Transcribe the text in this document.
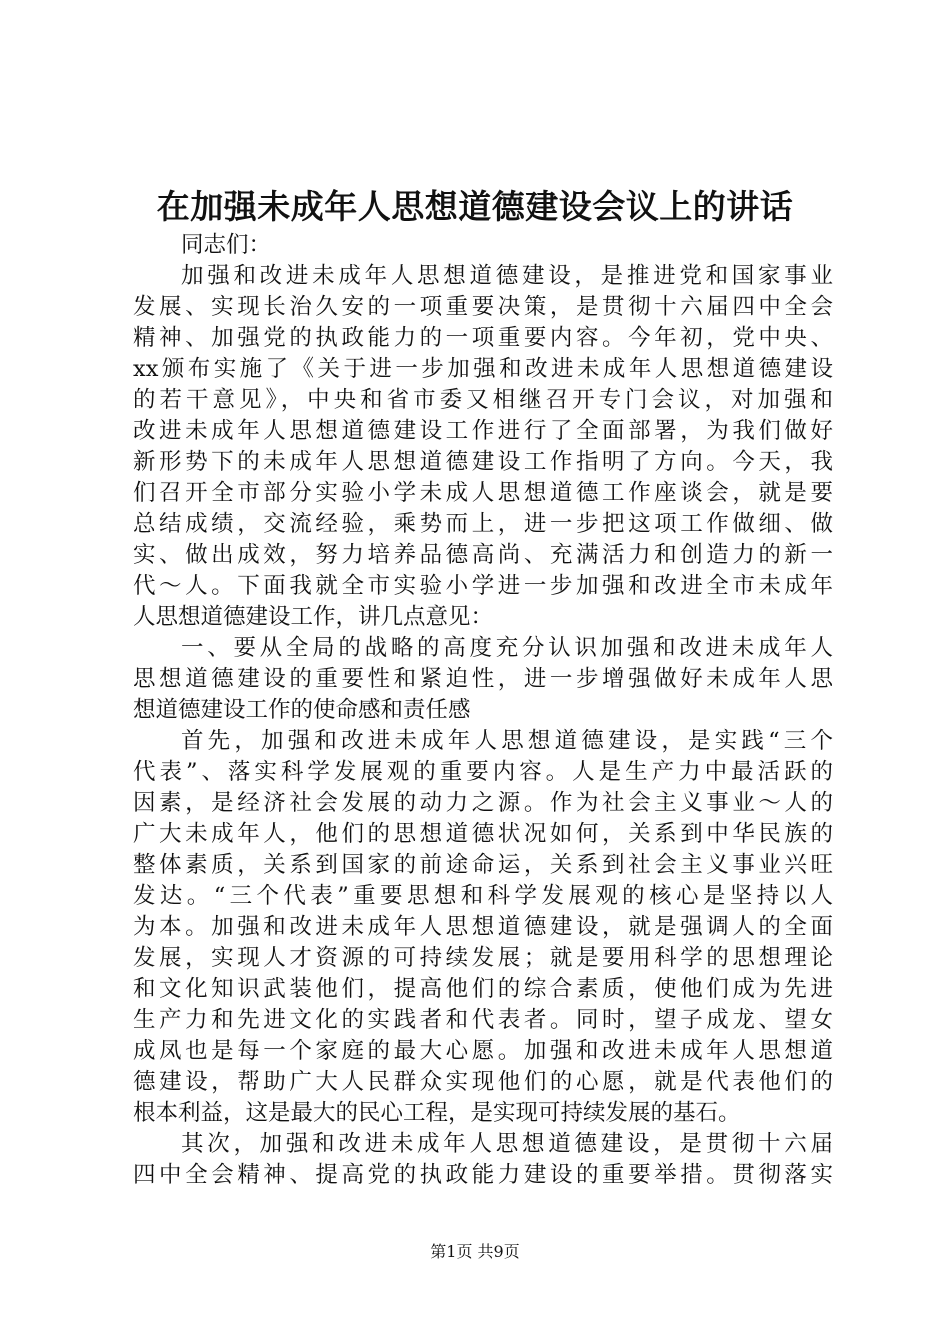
在加强未成年人思想道德建设会议上的讲话
同志们：
加强和改进未成年人思想道德建设，是推进党和国家事业
发展、实现长治久安的一项重要决策，是贯彻十六届四中全会
精神、加强党的执政能力的一项重要内容。今年初，党中央、
xx颁布实施了《关于进一步加强和改进未成年人思想道德建设
的若干意见》，中央和省市委又相继召开专门会议，对加强和
改进未成年人思想道德建设工作进行了全面部署，为我们做好
新形势下的未成年人思想道德建设工作指明了方向。今天，我
们召开全市部分实验小学未成人思想道德工作座谈会，就是要
总结成绩，交流经验，乘势而上，进一步把这项工作做细、做
实、做出成效，努力培养品德高尚、充满活力和创造力的新一
代～人。下面我就全市实验小学进一步加强和改进全市未成年
人思想道德建设工作，讲几点意见：
一、要从全局的战略的高度充分认识加强和改进未成年人
思想道德建设的重要性和紧迫性，进一步增强做好未成年人思
想道德建设工作的使命感和责任感
首先，加强和改进未成年人思想道德建设，是实践“三个
代表”、落实科学发展观的重要内容。人是生产力中最活跃的
因素，是经济社会发展的动力之源。作为社会主义事业～人的
广大未成年人，他们的思想道德状况如何，关系到中华民族的
整体素质，关系到国家的前途命运，关系到社会主义事业兴旺
发达。“三个代表”重要思想和科学发展观的核心是坚持以人
为本。加强和改进未成年人思想道德建设，就是强调人的全面
发展，实现人才资源的可持续发展；就是要用科学的思想理论
和文化知识武装他们，提高他们的综合素质，使他们成为先进
生产力和先进文化的实践者和代表者。同时，望子成龙、望女
成凤也是每一个家庭的最大心愿。加强和改进未成年人思想道
德建设，帮助广大人民群众实现他们的心愿，就是代表他们的
根本利益，这是最大的民心工程，是实现可持续发展的基石。
其次，加强和改进未成年人思想道德建设，是贯彻十六届
四中全会精神、提高党的执政能力建设的重要举措。贯彻落实
第1页 共9页
